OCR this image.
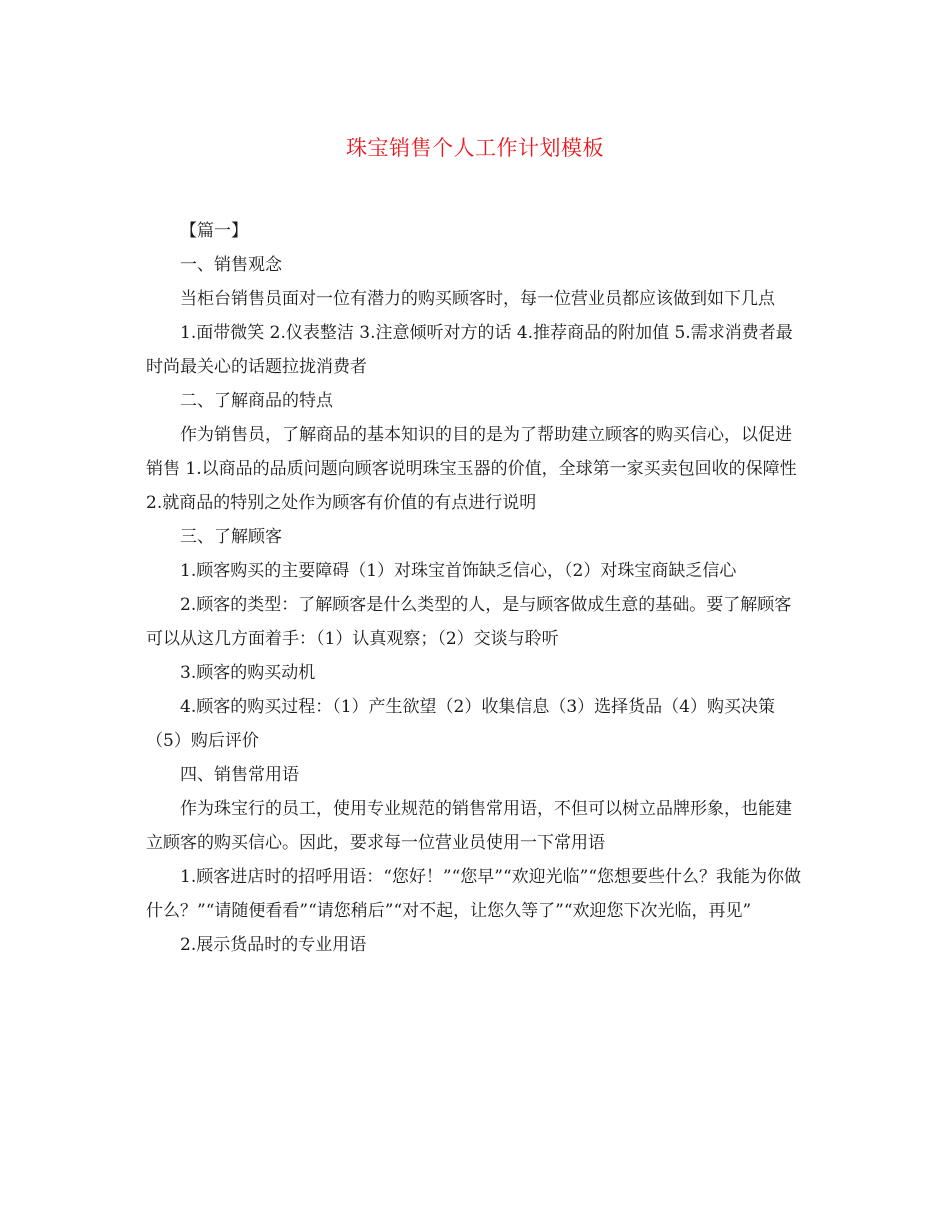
珠宝销售个人工作计划模板

【篇一】

一、销售观念

当柜台销售员面对一位有潜力的购买顾客时，每一位营业员都应该做到如下几点

1.面带微笑 2.仪表整洁 3.注意倾听对方的话 4.推荐商品的附加值 5.需求消费者最时尚最关心的话题拉拢消费者

二、了解商品的特点

作为销售员，了解商品的基本知识的目的是为了帮助建立顾客的购买信心，以促进销售 1.以商品的品质问题向顾客说明珠宝玉器的价值，全球第一家买卖包回收的保障性 2.就商品的特别之处作为顾客有价值的有点进行说明

三、了解顾客

1.顾客购买的主要障碍（1）对珠宝首饰缺乏信心，（2）对珠宝商缺乏信心

2.顾客的类型：了解顾客是什么类型的人，是与顾客做成生意的基础。要了解顾客可以从这几方面着手：（1）认真观察；（2）交谈与聆听

3.顾客的购买动机

4.顾客的购买过程：（1）产生欲望（2）收集信息（3）选择货品（4）购买决策（5）购后评价

四、销售常用语

作为珠宝行的员工，使用专业规范的销售常用语，不但可以树立品牌形象，也能建立顾客的购买信心。因此，要求每一位营业员使用一下常用语

1.顾客进店时的招呼用语：“您好！”“您早”“欢迎光临”“您想要些什么？我能为你做什么？”“请随便看看”“请您稍后”“对不起，让您久等了”“欢迎您下次光临，再见”

2.展示货品时的专业用语
